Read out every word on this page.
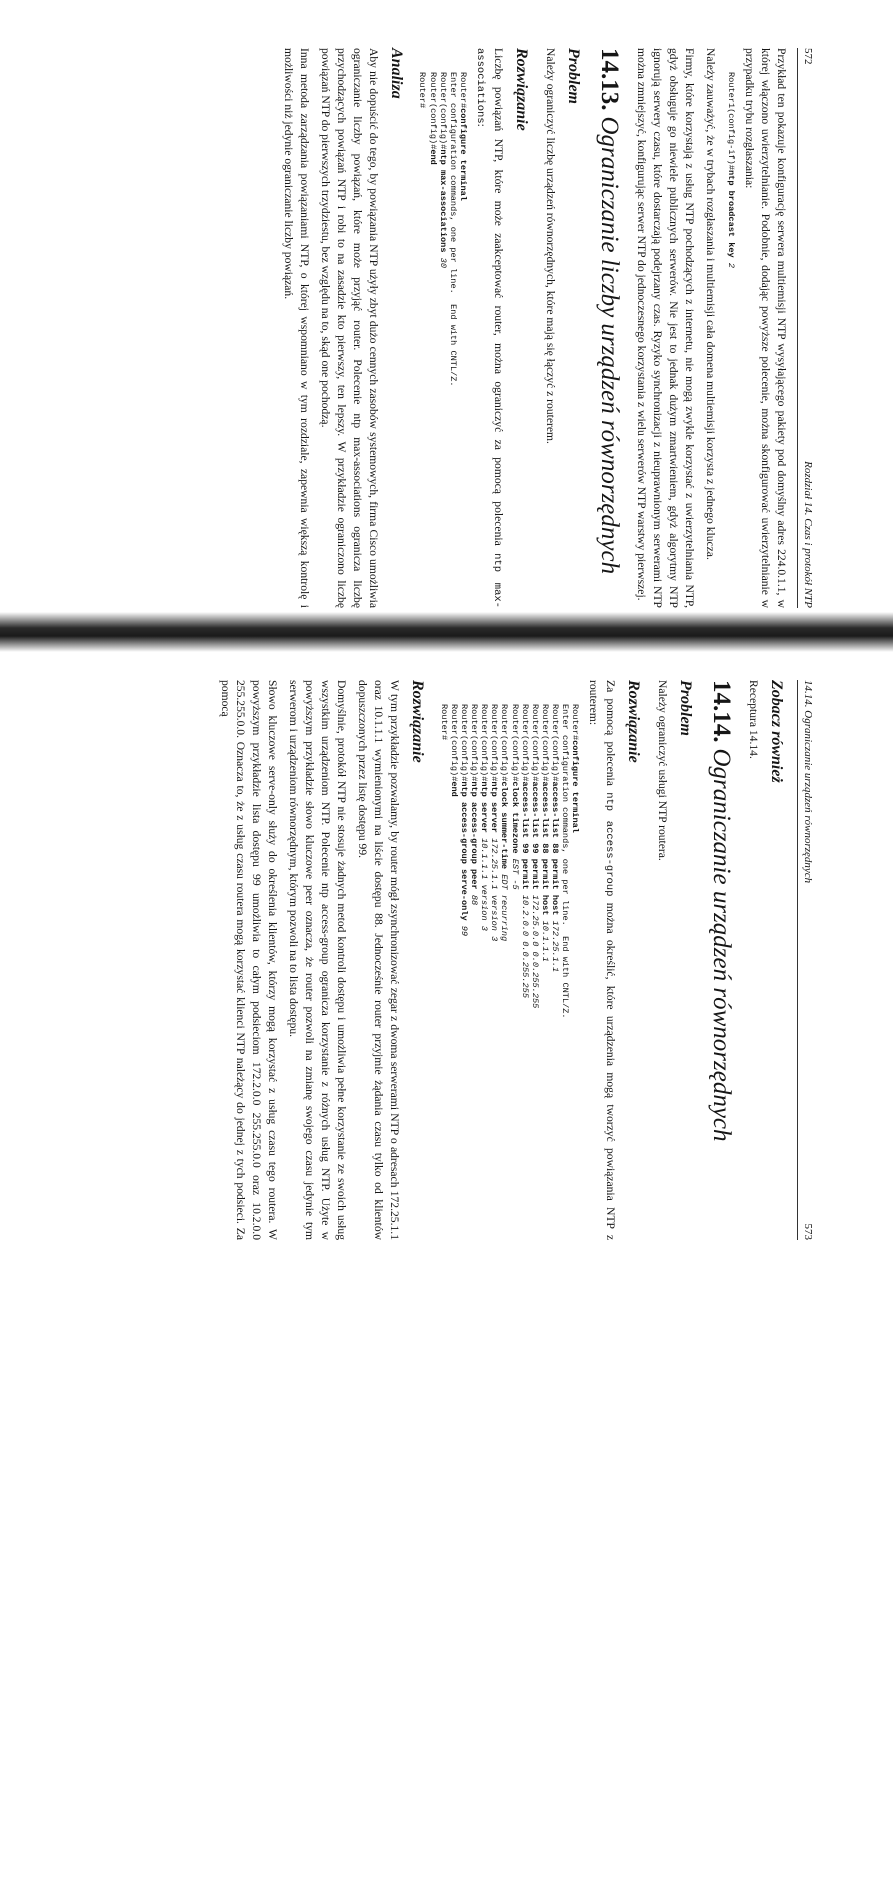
572
Rozdział 14. Czas i protokół NTP

Przykład ten pokazuje konfigurację serwera multiemisji NTP wysyłającego pakiety pod domyślny adres 224.0.1.1, w której włączono uwierzytelnianie. Podobnie, dodając powyższe polecenie, można skonfigurować uwierzytelnianie w przypadku trybu rozgłaszania:

Router1(config-if)#ntp broadcast key 2

Należy zauważyć, że w trybach rozgłaszania i multiemisji cała domena multiemisji korzysta z jednego klucza.

Firmy, które korzystają z usług NTP pochodzących z internetu, nie mogą zwykle korzystać z uwierzytelniania NTP, gdyż obsługuje go niewiele publicznych serwerów. Nie jest to jednak dużym zmartwieniem, gdyż algorytmy NTP ignorują serwery czasu, które dostarczają podejrzany czas. Ryzyko synchronizacji z nieuprawnionym serwerami NTP można zmniejszyć, konfigurując serwer NTP do jednoczesnego korzystania z wielu serwerów NTP warstwy pierwszej.

14.13.Ograniczanie liczby urządzeń równorzędnych
Problem

Należy ograniczyć liczbę urządzeń równorzędnych, które mają się łączyć z routerem.

Rozwiązanie

Liczbę powiązań NTP, które może zaakceptować router, można ograniczyć za pomocą polecenia ntp max-associations:

Router#configure terminal
Enter configuration commands, one per line.  End with CNTL/Z.
Router(config)#ntp max-associations 30
Router(config)#end
Router#
Analiza

Aby nie dopuścić do tego, by powiązania NTP użyły zbyt dużo cennych zasobów systemowych, firma Cisco umożliwia ograniczanie liczby powiązań, które może przyjąć router. Polecenie ntp max-associations ogranicza liczbę przychodzących powiązań NTP i robi to na zasadzie kto pierwszy, ten lepszy. W przykładzie ograniczono liczbę powiązań NTP do pierwszych trzydziestu, bez względu na to, skąd one pochodzą.

Inna metoda zarządzania powiązaniami NTP, o której wspomniano w tym rozdziale, zapewnia większą kontrolę i możliwości niż jedynie ograniczanie liczby powiązań.

14.14. Ograniczanie urządzeń równorzędnych
573
Zobacz również

Receptura 14.14.

14.14.Ograniczanie urządzeń równorzędnych
Problem

Należy ograniczyć usługi NTP routera.

Rozwiązanie

Za pomocą polecenia ntp access-group można określić, które urządzenia mogą tworzyć powiązania NTP z routerem:

Router#configure terminal
Enter configuration commands, one per line.  End with CNTL/Z.
Router(config)#access-list 88 permit host 172.25.1.1
Router(config)#access-list 88 permit host 10.1.1.1
Router(config)#access-list 99 permit 172.25.0.0 0.0.255.255
Router(config)#access-list 99 permit 10.2.0.0 0.0.255.255
Router(config)#clock timezone EST -5
Router(config)#clock summer-time EDT recurring
Router(config)#ntp server 172.25.1.1 version 3
Router(config)#ntp server 10.1.1.1 version 3
Router(config)#ntp access-group peer 88
Router(config)#ntp access-group serve-only 99
Router(config)#end
Router#
Rozwiązanie

W tym przykładzie pozwalamy, by router mógł zsynchronizować zegar z dwoma serwerami NTP o adresach 172.25.1.1 oraz 10.1.1.1 wymienionymi na liście dostępu 88. Jednocześnie router przyjmie żądania czasu tylko od klientów dopuszczonych przez listę dostępu 99.

Domyślnie, protokół NTP nie stosuje żadnych metod kontroli dostępu i umożliwia pełne korzystanie ze swoich usług wszystkim urządzeniom NTP. Polecenie ntp access-group ogranicza korzystanie z różnych usług NTP. Użyte w powyższym przykładzie słowo kluczowe peer oznacza, że router pozwoli na zmianę swojego czasu jedynie tym serwerom i urządzeniom równorzędnym, którym pozwoli na to lista dostępu.

Słowo kluczowe serve-only służy do określenia klientów, którzy mogą korzystać z usług czasu tego routera. W powyższym przykładzie lista dostępu 99 umożliwia to całym podsieciom 172.2.0.0 255.255.0.0 oraz 10.2.0.0 255.255.0.0. Oznacza to, że z usług czasu routera mogą korzystać klienci NTP należący do jednej z tych podsieci. Za pomocą
